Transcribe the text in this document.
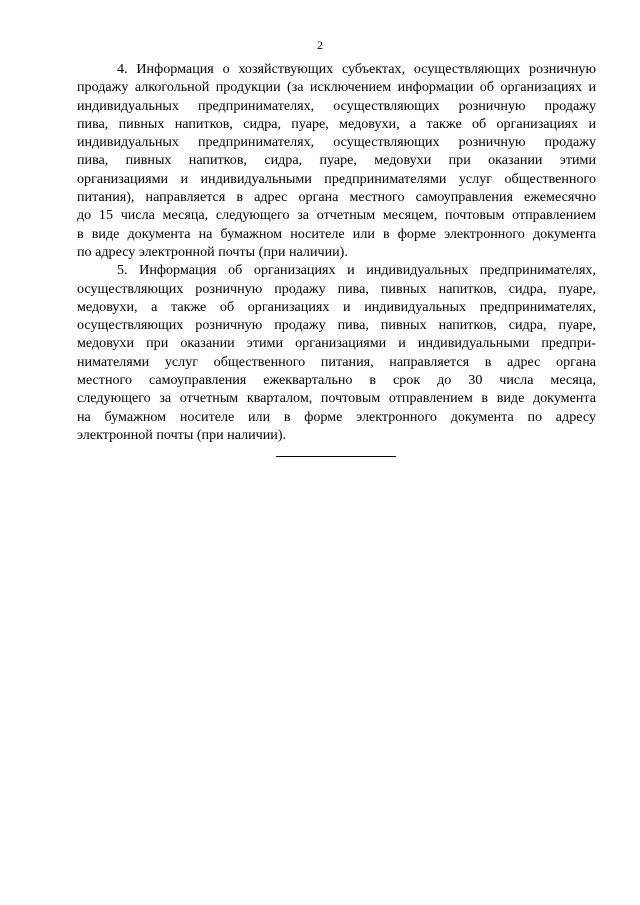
2

4. Информация о хозяйствующих субъектах, осуществляющих розничную
продажу алкогольной продукции (за исключением информации об организациях и
индивидуальных предпринимателях, осуществляющих розничную продажу
пива, пивных напитков, сидра, пуаре, медовухи, а также об организациях и
индивидуальных предпринимателях, осуществляющих розничную продажу
пива, пивных напитков, сидра, пуаре, медовухи при оказании этими
организациями и индивидуальными предпринимателями услуг общественного
питания), направляется в адрес органа местного самоуправления ежемесячно
до 15 числа месяца, следующего за отчетным месяцем, почтовым отправлением
в виде документа на бумажном носителе или в форме электронного документа
по адресу электронной почты (при наличии).

5. Информация об организациях и индивидуальных предпринимателях,
осуществляющих розничную продажу пива, пивных напитков, сидра, пуаре,
медовухи, а также об организациях и индивидуальных предпринимателях,
осуществляющих розничную продажу пива, пивных напитков, сидра, пуаре,
медовухи при оказании этими организациями и индивидуальными предпри-
нимателями услуг общественного питания, направляется в адрес органа
местного самоуправления ежеквартально в срок до 30 числа месяца,
следующего за отчетным кварталом, почтовым отправлением в виде документа
на бумажном носителе или в форме электронного документа по адресу
электронной почты (при наличии).
